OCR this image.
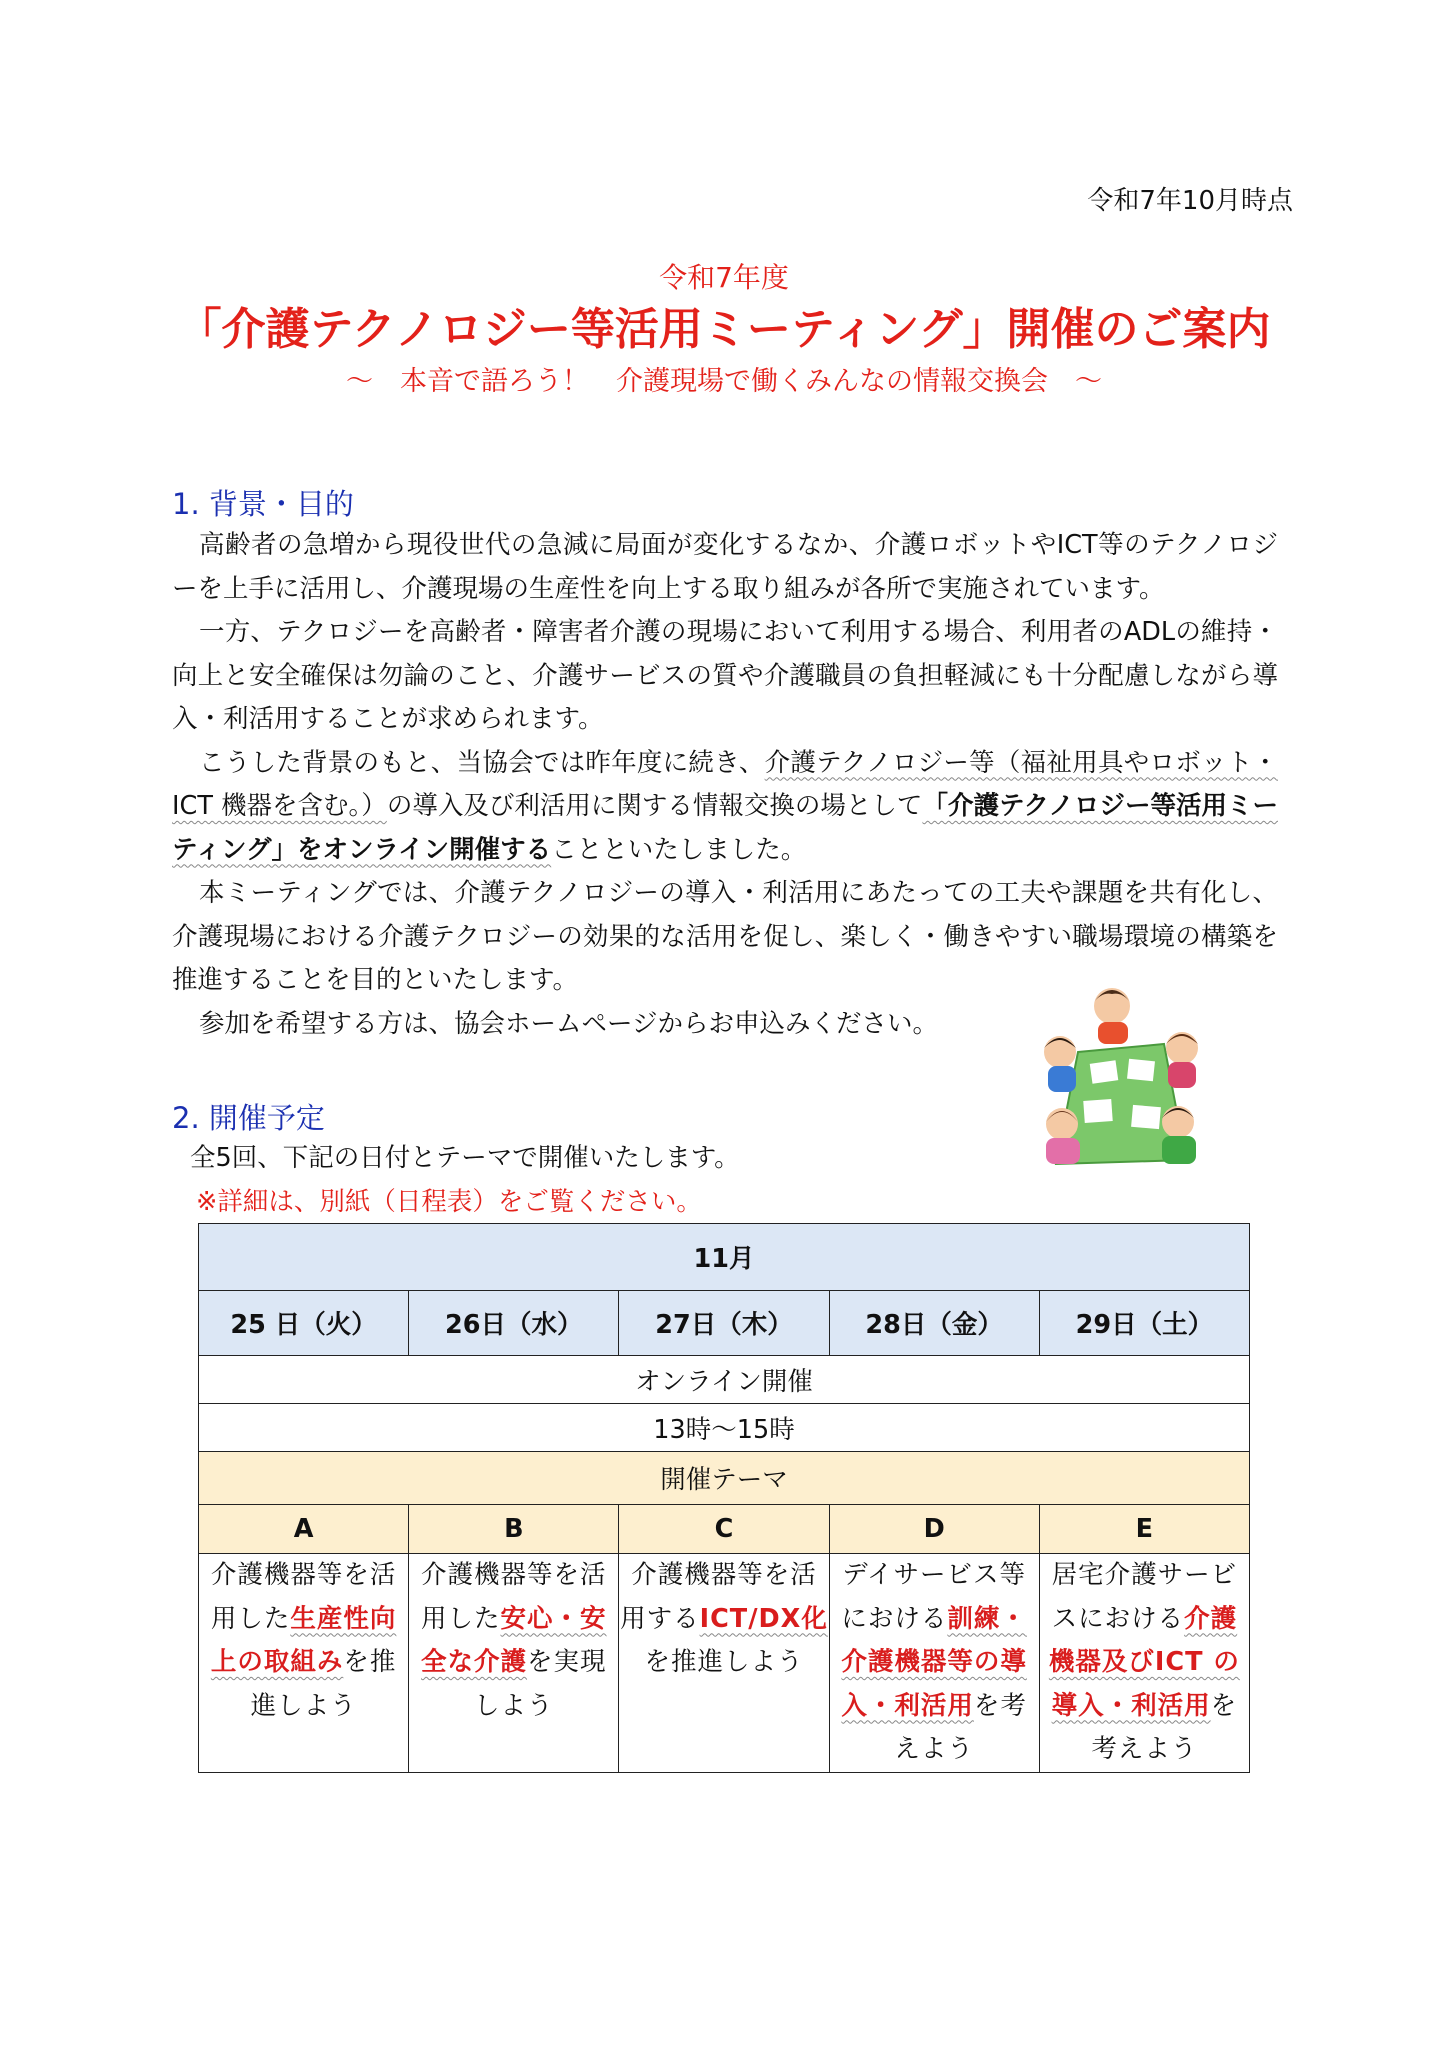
令和7年10月時点
令和7年度
「介護テクノロジー等活用ミーティング」開催のご案内
～　本音で語ろう！　介護現場で働くみんなの情報交換会　～
1. 背景・目的

高齢者の急増から現役世代の急減に局面が変化するなか、介護ロボットやICT等のテクノロジーを上手に活用し、介護現場の生産性を向上する取り組みが各所で実施されています。

一方、テクロジーを高齢者・障害者介護の現場において利用する場合、利用者のADLの維持・向上と安全確保は勿論のこと、介護サービスの質や介護職員の負担軽減にも十分配慮しながら導入・利活用することが求められます。

こうした背景のもと、当協会では昨年度に続き、介護テクノロジー等（福祉用具やロボット・ICT 機器を含む。）の導入及び利活用に関する情報交換の場として「介護テクノロジー等活用ミーティング」をオンライン開催することといたしました。

本ミーティングでは、介護テクノロジーの導入・利活用にあたっての工夫や課題を共有化し、介護現場における介護テクロジーの効果的な活用を促し、楽しく・働きやすい職場環境の構築を推進することを目的といたします。

参加を希望する方は、協会ホームページからお申込みください。

2. 開催予定
全5回、下記の日付とテーマで開催いたします。
※詳細は、別紙（日程表）をご覧ください。
11月				
25 日（火）	26日（水）	27日（木）	28日（金）	29日（土）
オンライン開催				
13時～15時				
開催テーマ				
A	B	C	D	E
介護機器等を活用した生産性向上の取組みを推進しよう	介護機器等を活用した安心・安全な介護を実現しよう	介護機器等を活用するICT/DX化を推進しよう	デイサービス等における訓練・介護機器等の導入・利活用を考えよう	居宅介護サービスにおける介護機器及びICT の導入・利活用を考えよう
